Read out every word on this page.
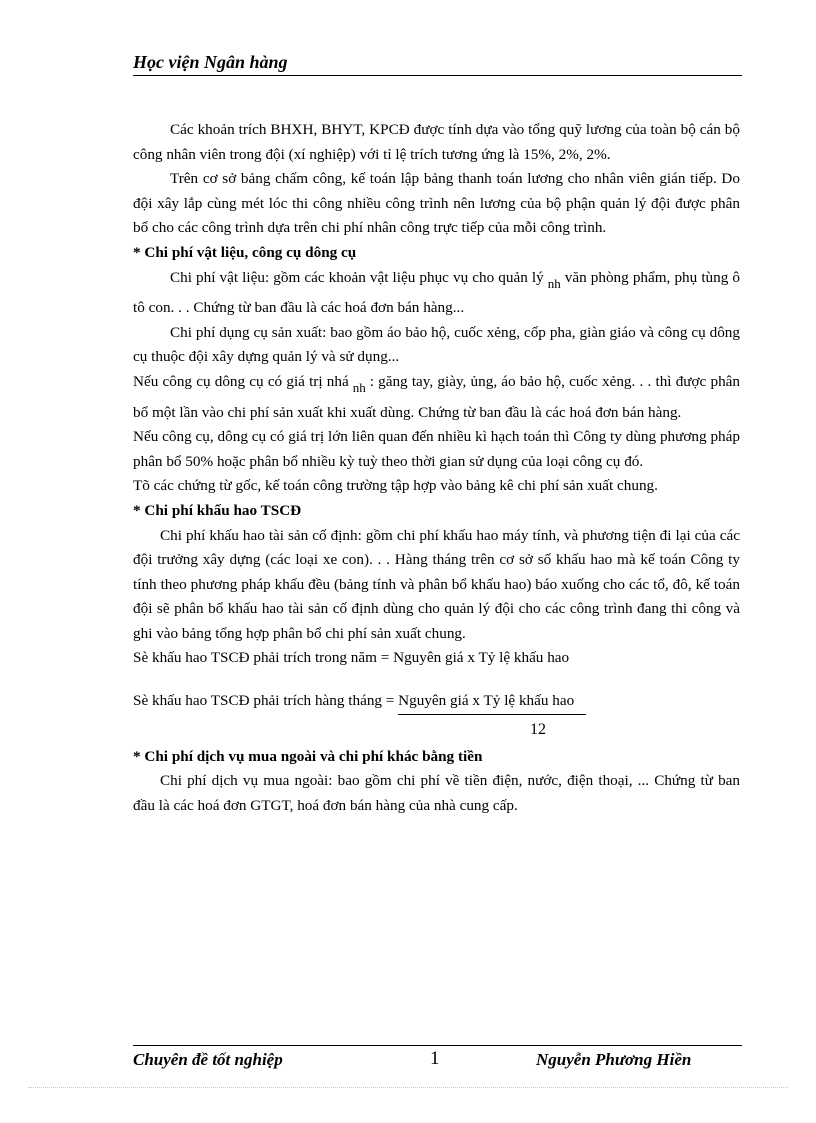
Học viện Ngân hàng

Các khoản trích BHXH, BHYT, KPCĐ được tính dựa vào tổng quỹ lương của toàn bộ cán bộ công nhân viên trong đội (xí nghiệp) với tỉ lệ trích tương ứng là 15%, 2%, 2%.

Trên cơ sở bảng chấm công, kế toán lập bảng thanh toán lương cho nhân viên gián tiếp. Do đội xây lắp cùng mét lóc thi công nhiều công trình nên lương của bộ phận quản lý đội được phân bổ cho các công trình dựa trên chi phí nhân công trực tiếp của mỗi công trình.

* Chi phí vật liệu, công cụ dông cụ

Chi phí vật liệu: gồm các khoản vật liệu phục vụ cho quản lý $_{nh}$ văn phòng phẩm, phụ tùng ô tô con. . . Chứng từ ban đầu là các hoá đơn bán hàng...

Chi phí dụng cụ sản xuất: bao gồm áo bảo hộ, cuốc xẻng, cốp pha, giàn giáo và công cụ dông cụ thuộc đội xây dựng quản lý và sử dụng...

Nếu công cụ dông cụ có giá trị nhá $_{nh}$ : găng tay, giày, ủng, áo bảo hộ, cuốc xẻng. . . thì được phân bổ một lần vào chi phí sản xuất khi xuất dùng. Chứng từ ban đầu là các hoá đơn bán hàng.

Nếu công cụ, dông cụ có giá trị lớn liên quan đến nhiều kì hạch toán thì Công ty dùng phương pháp phân bổ 50% hoặc phân bổ nhiều kỳ tuỳ theo thời gian sử dụng của loại công cụ đó.

Tõ các chứng từ gốc, kế toán công trường tập hợp vào bảng kê chi phí sản xuất chung.

* Chi phí khấu hao TSCĐ

Chi phí khấu hao tài sản cố định: gồm chi phí khấu hao máy tính, và phương tiện đi lại của các đội trưởng xây dựng (các loại xe con). . . Hàng tháng trên cơ sở số khấu hao mà kế toán Công ty tính theo phương pháp khấu đều (bảng tính và phân bổ khấu hao) báo xuống cho các tổ, đô, kế toán đội sẽ phân bổ khấu hao tài sản cố định dùng cho quản lý đội cho các công trình đang thi công và ghi vào bảng tổng hợp phân bổ chi phí sản xuất chung.

Sè khấu hao TSCĐ phải trích trong năm = Nguyên giá x Tỷ lệ khấu hao

Sè khấu hao TSCĐ phải trích hàng tháng = Nguyên giá x Tỷ lệ khấu hao

12
* Chi phí dịch vụ mua ngoài và chi phí khác bằng tiền

Chi phí dịch vụ mua ngoài: bao gồm chi phí về tiền điện, nước, điện thoại, ... Chứng từ ban đầu là các hoá đơn GTGT, hoá đơn bán hàng của nhà cung cấp.

Chuyên đề tốt nghiệp	1	Nguyễn Phương Hiền
